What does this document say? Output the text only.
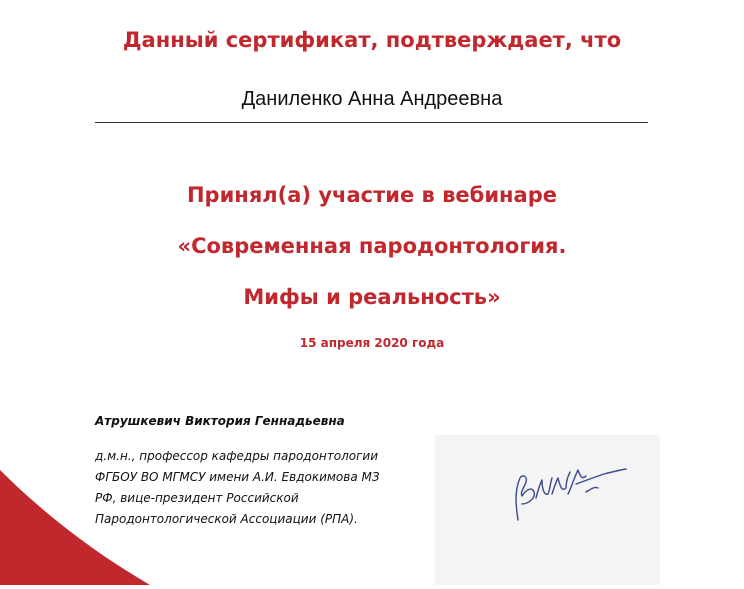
Данный сертификат, подтверждает, что
Даниленко Анна Андреевна
Принял(а) участие в вебинаре
«Современная пародонтология.
Мифы и реальность»
15 апреля 2020 года
Атрушкевич Виктория Геннадьевна
д.м.н., профессор кафедры пародонтологии
ФГБОУ ВО МГМСУ имени А.И. Евдокимова МЗ
РФ, вице-президент Российской
Пародонтологической Ассоциации (РПА).
